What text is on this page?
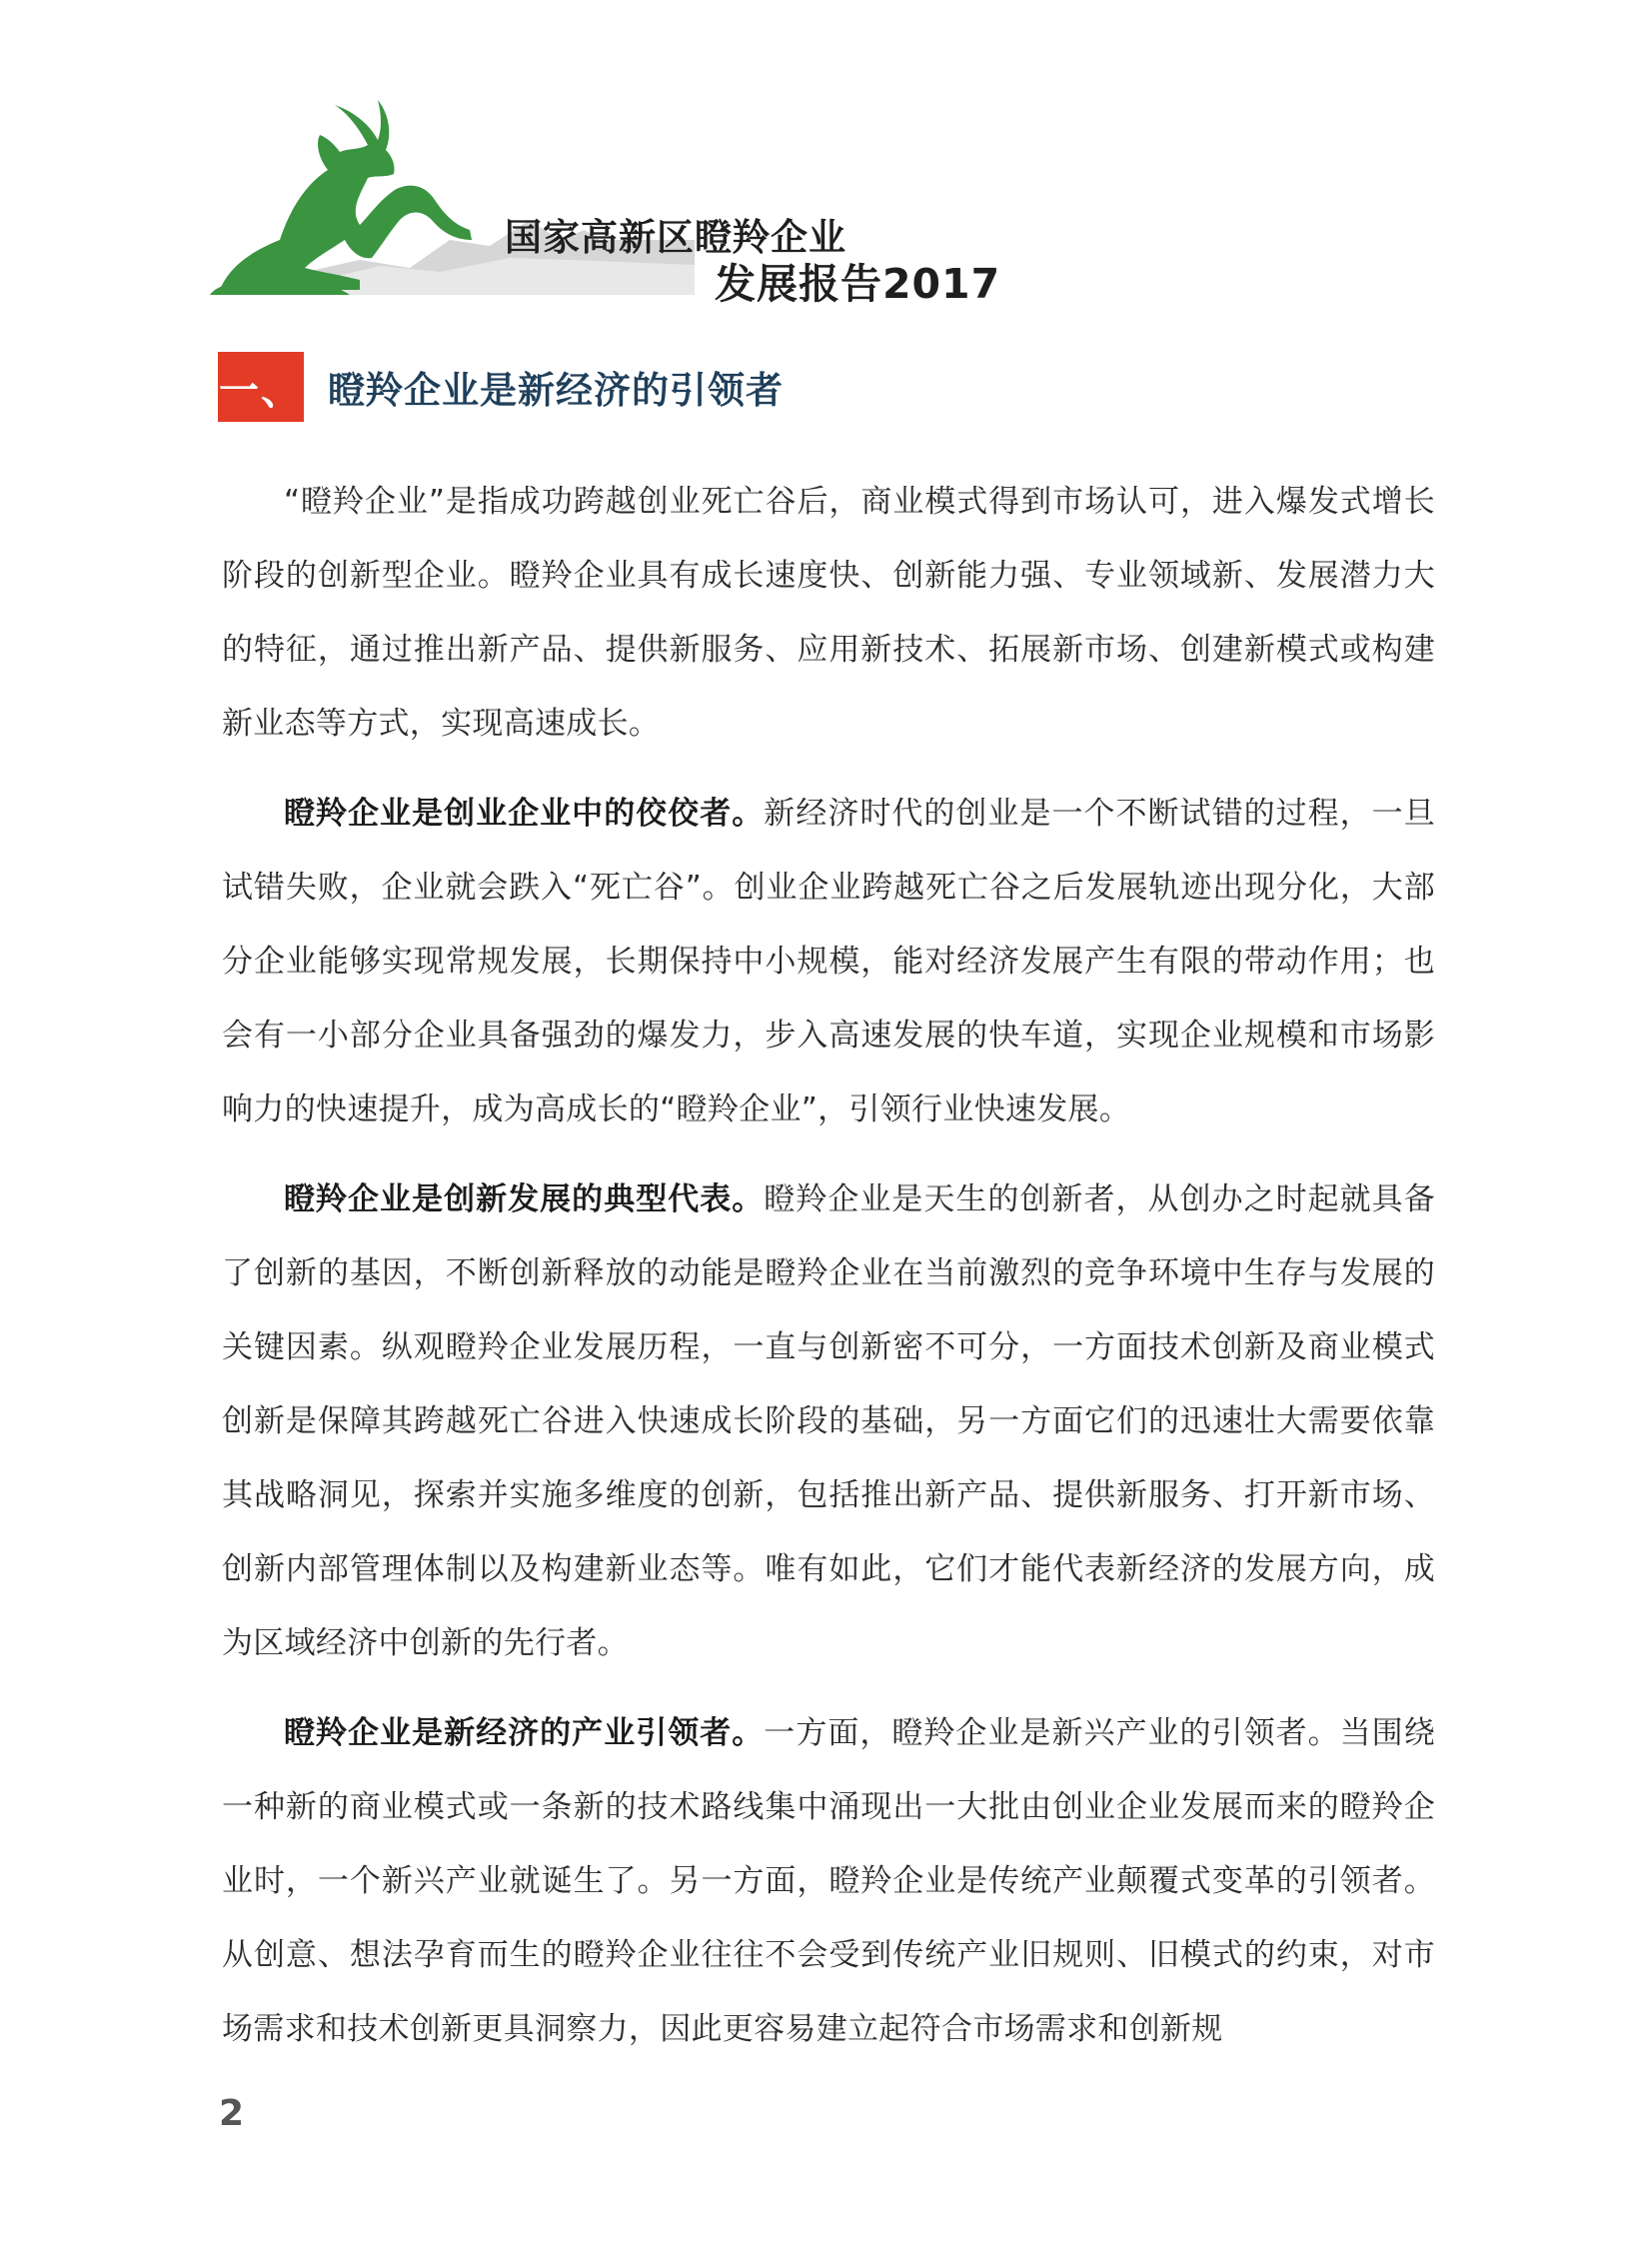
国家高新区瞪羚企业
发展报告2017
一、 瞪羚企业是新经济的引领者

“瞪羚企业”是指成功跨越创业死亡谷后，商业模式得到市场认可，进入爆发式增长阶段的创新型企业。瞪羚企业具有成长速度快、创新能力强、专业领域新、发展潜力大的特征，通过推出新产品、提供新服务、应用新技术、拓展新市场、创建新模式或构建新业态等方式，实现高速成长。

瞪羚企业是创业企业中的佼佼者。新经济时代的创业是一个不断试错的过程，一旦试错失败，企业就会跌入“死亡谷”。创业企业跨越死亡谷之后发展轨迹出现分化，大部分企业能够实现常规发展，长期保持中小规模，能对经济发展产生有限的带动作用；也会有一小部分企业具备强劲的爆发力，步入高速发展的快车道，实现企业规模和市场影响力的快速提升，成为高成长的“瞪羚企业”，引领行业快速发展。

瞪羚企业是创新发展的典型代表。瞪羚企业是天生的创新者，从创办之时起就具备了创新的基因，不断创新释放的动能是瞪羚企业在当前激烈的竞争环境中生存与发展的关键因素。纵观瞪羚企业发展历程，一直与创新密不可分，一方面技术创新及商业模式创新是保障其跨越死亡谷进入快速成长阶段的基础，另一方面它们的迅速壮大需要依靠其战略洞见，探索并实施多维度的创新，包括推出新产品、提供新服务、打开新市场、创新内部管理体制以及构建新业态等。唯有如此，它们才能代表新经济的发展方向，成为区域经济中创新的先行者。

瞪羚企业是新经济的产业引领者。一方面，瞪羚企业是新兴产业的引领者。当围绕一种新的商业模式或一条新的技术路线集中涌现出一大批由创业企业发展而来的瞪羚企业时，一个新兴产业就诞生了。另一方面，瞪羚企业是传统产业颠覆式变革的引领者。从创意、想法孕育而生的瞪羚企业往往不会受到传统产业旧规则、旧模式的约束，对市场需求和技术创新更具洞察力，因此更容易建立起符合市场需求和创新规

2
